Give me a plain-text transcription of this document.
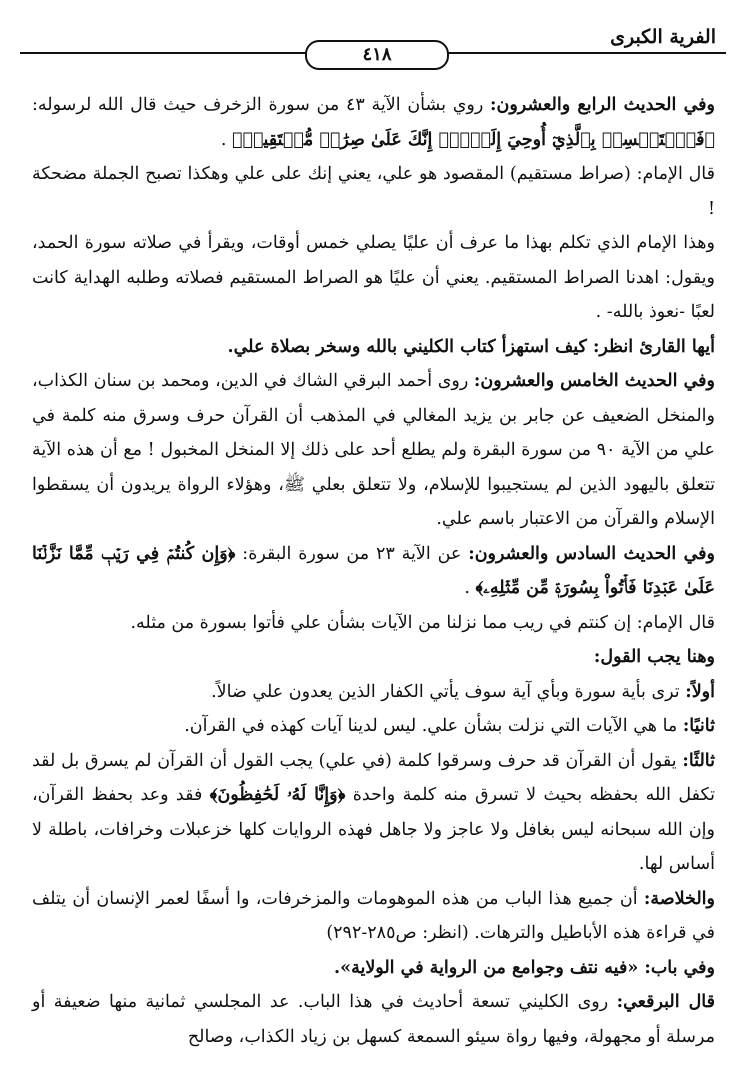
الفرية الكبرى
٤١٨

وفي الحديث الرابع والعشرون: روي بشأن الآية ٤٣ من سورة الزخرف حيث قال الله لرسوله: ﴿فَٱسۡتَمۡسِكۡ بِٱلَّذِيٓ أُوحِيَ إِلَيۡكَۖ إِنَّكَ عَلَىٰ صِرَٰطٖ مُّسۡتَقِيمٖ﴾ .

قال الإمام: (صراط مستقيم) المقصود هو علي، يعني إنك على علي وهكذا تصبح الجملة مضحكة !

وهذا الإمام الذي تكلم بهذا ما عرف أن عليًا يصلي خمس أوقات، ويقرأ في صلاته سورة الحمد، ويقول: اهدنا الصراط المستقيم. يعني أن عليًا هو الصراط المستقيم فصلاته وطلبه الهداية كانت لعبًا -نعوذ بالله- .

أيها القارئ انظر: كيف استهزأ كتاب الكليني بالله وسخر بصلاة علي.

وفي الحديث الخامس والعشرون: روى أحمد البرقي الشاك في الدين، ومحمد بن سنان الكذاب، والمنخل الضعيف عن جابر بن يزيد المغالي في المذهب أن القرآن حرف وسرق منه كلمة في علي من الآية ٩٠ من سورة البقرة ولم يطلع أحد على ذلك إلا المنخل المخبول ! مع أن هذه الآية تتعلق باليهود الذين لم يستجيبوا للإسلام، ولا تتعلق بعلي ﷺ، وهؤلاء الرواة يريدون أن يسقطوا الإسلام والقرآن من الاعتبار باسم علي.

وفي الحديث السادس والعشرون: عن الآية ٢٣ من سورة البقرة: ﴿وَإِن كُنتُمۡ فِي رَيۡبٖ مِّمَّا نَزَّلۡنَا عَلَىٰ عَبۡدِنَا فَأۡتُواْ بِسُورَةٖ مِّن مِّثۡلِهِۦ﴾ .

قال الإمام: إن كنتم في ريب مما نزلنا من الآيات بشأن علي فأتوا بسورة من مثله.

وهنا يجب القول:

أولاً: ترى بأية سورة وبأي آية سوف يأتي الكفار الذين يعدون علي ضالاً.

ثانيًا: ما هي الآيات التي نزلت بشأن علي. ليس لدينا آيات كهذه في القرآن.

ثالثًا: يقول أن القرآن قد حرف وسرقوا كلمة (في علي) يجب القول أن القرآن لم يسرق بل لقد تكفل الله بحفظه بحيث لا تسرق منه كلمة واحدة ﴿وَإِنَّا لَهُۥ لَحَٰفِظُونَ﴾ فقد وعد بحفظ القرآن، وإن الله سبحانه ليس بغافل ولا عاجز ولا جاهل فهذه الروايات كلها خزعبلات وخرافات، باطلة لا أساس لها.

والخلاصة: أن جميع هذا الباب من هذه الموهومات والمزخرفات، وا أسفًا لعمر الإنسان أن يتلف في قراءة هذه الأباطيل والترهات. (انظر: ص٢٨٥-٢٩٢)

وفي باب: «فيه نتف وجوامع من الرواية في الولاية».

قال البرقعي: روى الكليني تسعة أحاديث في هذا الباب. عد المجلسي ثمانية منها ضعيفة أو مرسلة أو مجهولة، وفيها رواة سيئو السمعة كسهل بن زياد الكذاب، وصالح
